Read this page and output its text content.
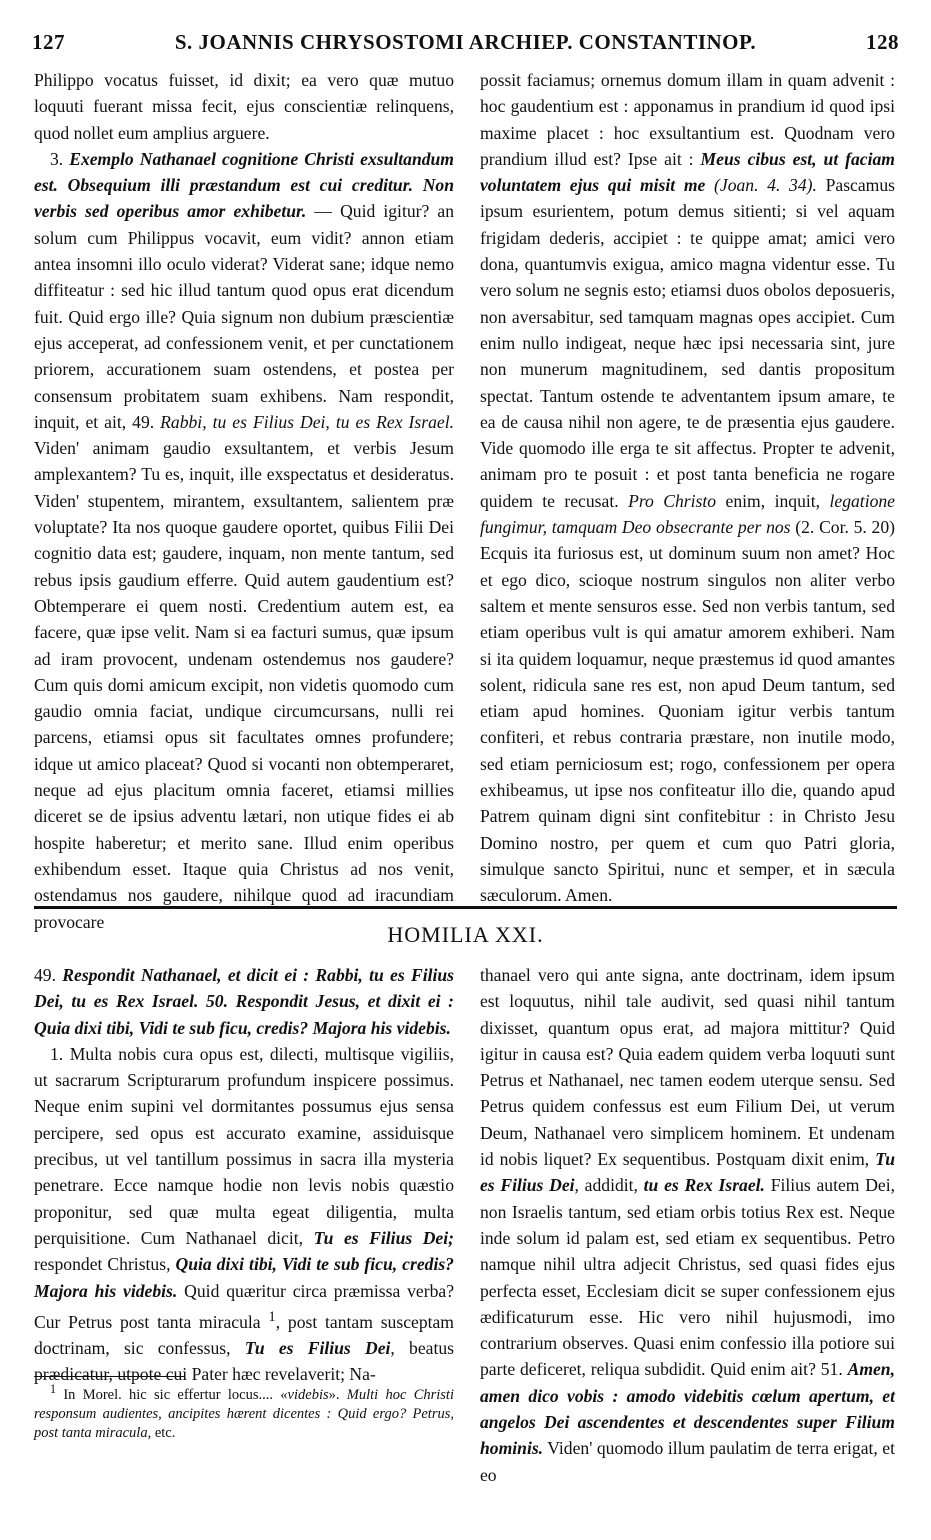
127	S. JOANNIS CHRYSOSTOMI ARCHIEP. CONSTANTINOP.	128

Philippo vocatus fuisset, id dixit; ea vero quæ mutuo loquuti fuerant missa fecit, ejus conscientiæ relinquens, quod nollet eum amplius arguere.

3. Exemplo Nathanael cognitione Christi exsultandum est. Obsequium illi præstandum est cui creditur. Non verbis sed operibus amor exhibetur. — Quid igitur? an solum cum Philippus vocavit, eum vidit? annon etiam antea insomni illo oculo viderat? Viderat sane; idque nemo diffiteatur : sed hic illud tantum quod opus erat dicendum fuit. Quid ergo ille? Quia signum non dubium præscientiæ ejus acceperat, ad confessionem venit, et per cunctationem priorem, accurationem suam ostendens, et postea per consensum probitatem suam exhibens. Nam respondit, inquit, et ait, 49. Rabbi, tu es Filius Dei, tu es Rex Israel. Viden' animam gaudio exsultantem, et verbis Jesum amplexantem? Tu es, inquit, ille exspectatus et desideratus. Viden' stupentem, mirantem, exsultantem, salientem præ voluptate? Ita nos quoque gaudere oportet, quibus Filii Dei cognitio data est; gaudere, inquam, non mente tantum, sed rebus ipsis gaudium efferre. Quid autem gaudentium est? Obtemperare ei quem nosti. Credentium autem est, ea facere, quæ ipse velit. Nam si ea facturi sumus, quæ ipsum ad iram provocent, undenam ostendemus nos gaudere? Cum quis domi amicum excipit, non videtis quomodo cum gaudio omnia faciat, undique circumcursans, nulli rei parcens, etiamsi opus sit facultates omnes profundere; idque ut amico placeat? Quod si vocanti non obtemperaret, neque ad ejus placitum omnia faceret, etiamsi millies diceret se de ipsius adventu lætari, non utique fides ei ab hospite haberetur; et merito sane. Illud enim operibus exhibendum esset. Itaque quia Christus ad nos venit, ostendamus nos gaudere, nihilque quod ad iracundiam provocare

possit faciamus; ornemus domum illam in quam advenit : hoc gaudentium est : apponamus in prandium id quod ipsi maxime placet : hoc exsultantium est. Quodnam vero prandium illud est? Ipse ait : Meus cibus est, ut faciam voluntatem ejus qui misit me (Joan. 4. 34). Pascamus ipsum esurientem, potum demus sitienti; si vel aquam frigidam dederis, accipiet : te quippe amat; amici vero dona, quantumvis exigua, amico magna videntur esse. Tu vero solum ne segnis esto; etiamsi duos obolos deposueris, non aversabitur, sed tamquam magnas opes accipiet. Cum enim nullo indigeat, neque hæc ipsi necessaria sint, jure non munerum magnitudinem, sed dantis propositum spectat. Tantum ostende te adventantem ipsum amare, te ea de causa nihil non agere, te de præsentia ejus gaudere. Vide quomodo ille erga te sit affectus. Propter te advenit, animam pro te posuit : et post tanta beneficia ne rogare quidem te recusat. Pro Christo enim, inquit, legatione fungimur, tamquam Deo obsecrante per nos (2. Cor. 5. 20) Ecquis ita furiosus est, ut dominum suum non amet? Hoc et ego dico, scioque nostrum singulos non aliter verbo saltem et mente sensuros esse. Sed non verbis tantum, sed etiam operibus vult is qui amatur amorem exhiberi. Nam si ita quidem loquamur, neque præstemus id quod amantes solent, ridicula sane res est, non apud Deum tantum, sed etiam apud homines. Quoniam igitur verbis tantum confiteri, et rebus contraria præstare, non inutile modo, sed etiam perniciosum est; rogo, confessionem per opera exhibeamus, ut ipse nos confiteatur illo die, quando apud Patrem quinam digni sint confitebitur : in Christo Jesu Domino nostro, per quem et cum quo Patri gloria, simulque sancto Spiritui, nunc et semper, et in sæcula sæculorum. Amen.

HOMILIA XXI.

49. Respondit Nathanael, et dicit ei : Rabbi, tu es Filius Dei, tu es Rex Israel. 50. Respondit Jesus, et dixit ei : Quia dixi tibi, Vidi te sub ficu, credis? Majora his videbis.

1. Multa nobis cura opus est, dilecti, multisque vigiliis, ut sacrarum Scripturarum profundum inspicere possimus. Neque enim supini vel dormitantes possumus ejus sensa percipere, sed opus est accurato examine, assiduisque precibus, ut vel tantillum possimus in sacra illa mysteria penetrare. Ecce namque hodie non levis nobis quæstio proponitur, sed quæ multa egeat diligentia, multa perquisitione. Cum Nathanael dicit, Tu es Filius Dei; respondet Christus, Quia dixi tibi, Vidi te sub ficu, credis? Majora his videbis. Quid quæritur circa præmissa verba? Cur Petrus post tanta miracula $^1$, post tantam susceptam doctrinam, sic confessus, Tu es Filius Dei, beatus prædicatur, utpote cui Pater hæc revelaverit; Na-

$^1$ In Morel. hic sic effertur locus.... «videbis». Multi hoc Christi responsum audientes, ancipites hærent dicentes : Quid ergo? Petrus, post tanta miracula, etc.

thanael vero qui ante signa, ante doctrinam, idem ipsum est loquutus, nihil tale audivit, sed quasi nihil tantum dixisset, quantum opus erat, ad majora mittitur? Quid igitur in causa est? Quia eadem quidem verba loquuti sunt Petrus et Nathanael, nec tamen eodem uterque sensu. Sed Petrus quidem confessus est eum Filium Dei, ut verum Deum, Nathanael vero simplicem hominem. Et undenam id nobis liquet? Ex sequentibus. Postquam dixit enim, Tu es Filius Dei, addidit, tu es Rex Israel. Filius autem Dei, non Israelis tantum, sed etiam orbis totius Rex est. Neque inde solum id palam est, sed etiam ex sequentibus. Petro namque nihil ultra adjecit Christus, sed quasi fides ejus perfecta esset, Ecclesiam dicit se super confessionem ejus ædificaturum esse. Hic vero nihil hujusmodi, imo contrarium observes. Quasi enim confessio illa potiore sui parte deficeret, reliqua subdidit. Quid enim ait? 51. Amen, amen dico vobis : amodo videbitis cœlum apertum, et angelos Dei ascendentes et descendentes super Filium hominis. Viden' quomodo illum paulatim de terra erigat, et eo
